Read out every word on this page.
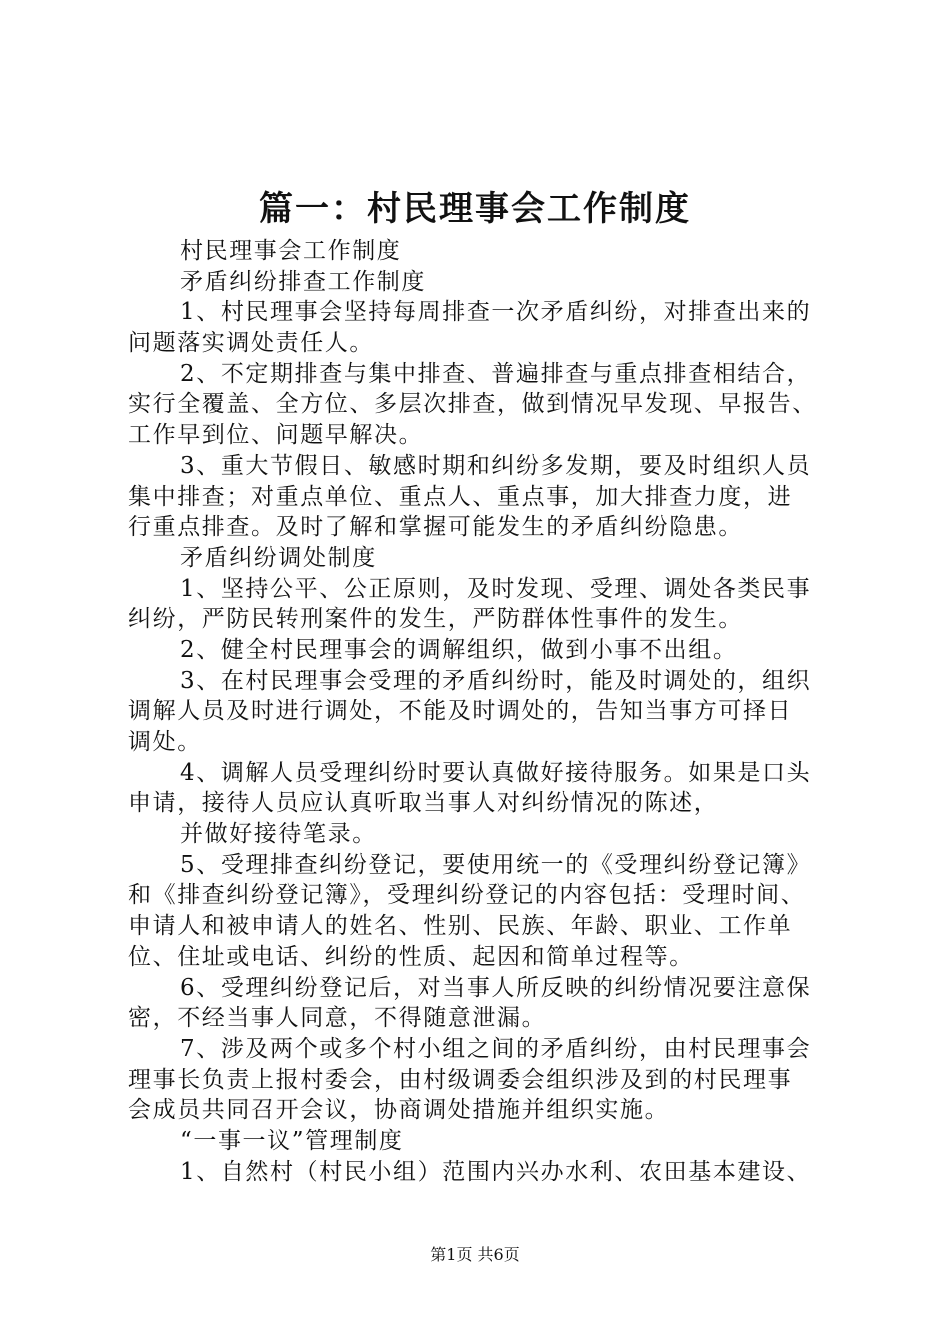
篇一：村民理事会工作制度
村民理事会工作制度
矛盾纠纷排查工作制度
1、村民理事会坚持每周排查一次矛盾纠纷，对排查出来的
问题落实调处责任人。
2、不定期排查与集中排查、普遍排查与重点排查相结合，
实行全覆盖、全方位、多层次排查，做到情况早发现、早报告、
工作早到位、问题早解决。
3、重大节假日、敏感时期和纠纷多发期，要及时组织人员
集中排查；对重点单位、重点人、重点事，加大排查力度，进
行重点排查。及时了解和掌握可能发生的矛盾纠纷隐患。
矛盾纠纷调处制度
1、坚持公平、公正原则，及时发现、受理、调处各类民事
纠纷，严防民转刑案件的发生，严防群体性事件的发生。
2、健全村民理事会的调解组织，做到小事不出组。
3、在村民理事会受理的矛盾纠纷时，能及时调处的，组织
调解人员及时进行调处，不能及时调处的，告知当事方可择日
调处。
4、调解人员受理纠纷时要认真做好接待服务。如果是口头
申请，接待人员应认真听取当事人对纠纷情况的陈述，
并做好接待笔录。
5、受理排查纠纷登记，要使用统一的《受理纠纷登记簿》
和《排查纠纷登记簿》，受理纠纷登记的内容包括：受理时间、
申请人和被申请人的姓名、性别、民族、年龄、职业、工作单
位、住址或电话、纠纷的性质、起因和简单过程等。
6、受理纠纷登记后，对当事人所反映的纠纷情况要注意保
密，不经当事人同意，不得随意泄漏。
7、涉及两个或多个村小组之间的矛盾纠纷，由村民理事会
理事长负责上报村委会，由村级调委会组织涉及到的村民理事
会成员共同召开会议，协商调处措施并组织实施。
“一事一议”管理制度
1、自然村（村民小组）范围内兴办水利、农田基本建设、
第1页 共6页
